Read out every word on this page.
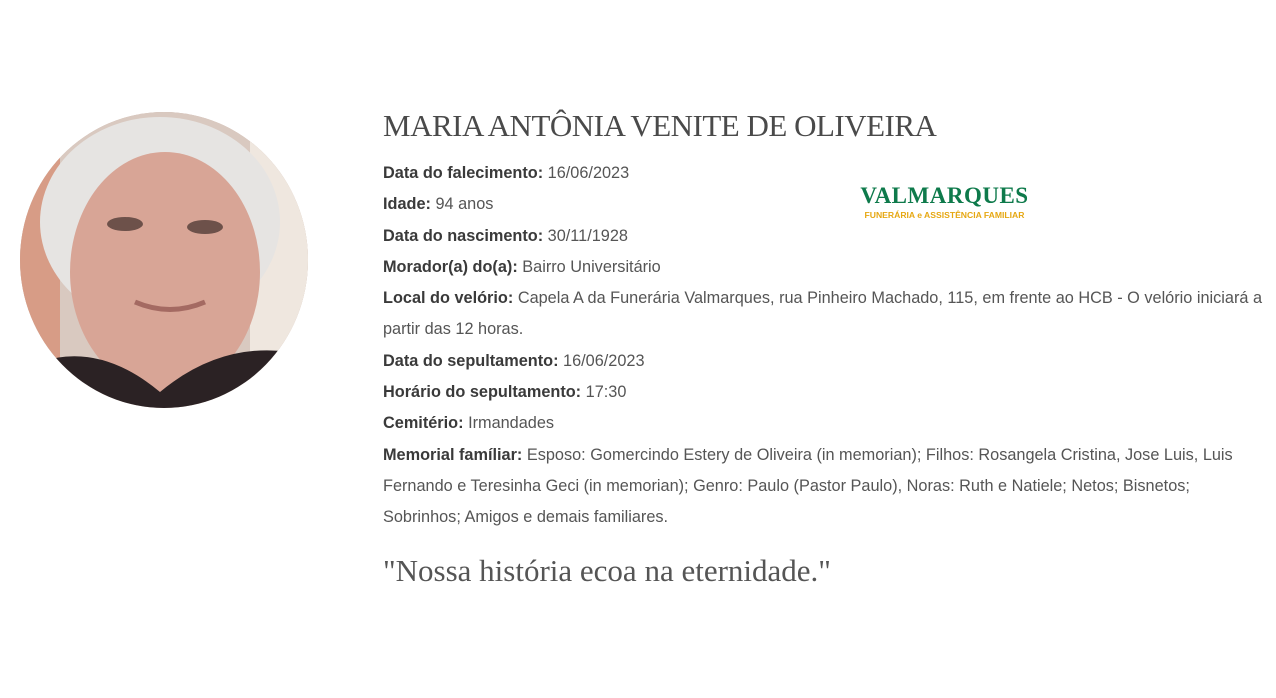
MARIA ANTÔNIA VENITE DE OLIVEIRA
VALMARQUES
FUNERÁRIA e ASSISTÊNCIA FAMILIAR

Data do falecimento: 16/06/2023

Idade: 94 anos

Data do nascimento: 30/11/1928

Morador(a) do(a): Bairro Universitário

Local do velório: Capela A da Funerária Valmarques, rua Pinheiro Machado, 115, em frente ao HCB - O velório iniciará a partir das 12 horas.

Data do sepultamento: 16/06/2023

Horário do sepultamento: 17:30

Cemitério: Irmandades

Memorial famíliar: Esposo: Gomercindo Estery de Oliveira (in memorian); Filhos: Rosangela Cristina, Jose Luis, Luis Fernando e Teresinha Geci (in memorian); Genro: Paulo (Pastor Paulo), Noras: Ruth e Natiele; Netos; Bisnetos; Sobrinhos; Amigos e demais familiares.

"Nossa história ecoa na eternidade."
